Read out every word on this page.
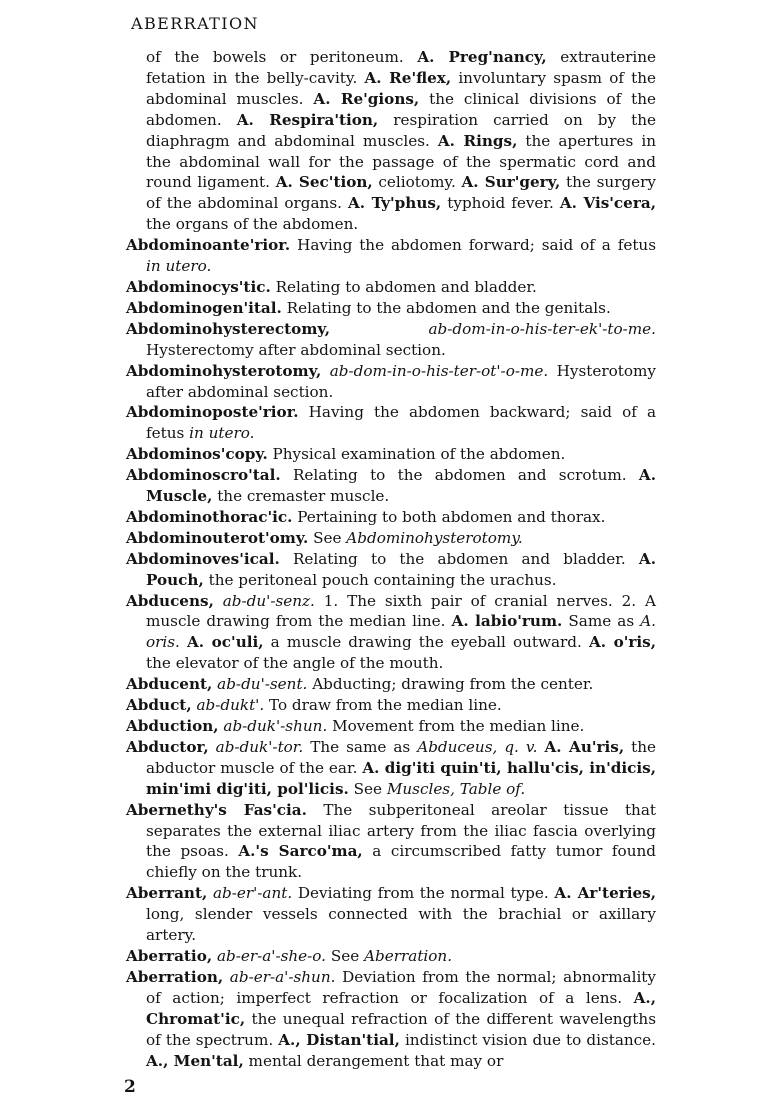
ABERRATION

of the bowels or peritoneum. A. Preg'nancy, extrauterine fetation in the belly-cavity. A. Re'flex, involuntary spasm of the abdominal muscles. A. Re'gions, the clinical divisions of the abdomen. A. Respira'tion, respiration carried on by the diaphragm and abdominal muscles. A. Rings, the apertures in the abdominal wall for the passage of the spermatic cord and round ligament. A. Sec'tion, celiotomy. A. Sur'gery, the surgery of the abdominal organs. A. Ty'phus, typhoid fever. A. Vis'cera, the organs of the abdomen.

Abdominoante'rior. Having the abdomen forward; said of a fetus in utero.

Abdominocys'tic. Relating to abdomen and bladder.

Abdominogen'ital. Relating to the abdomen and the genitals.

Abdominohysterectomy, ab-dom-in-o-his-ter-ek'-to-me. Hysterectomy after abdominal section.

Abdominohysterotomy, ab-dom-in-o-his-ter-ot'-o-me. Hysterotomy after abdominal section.

Abdominoposte'rior. Having the abdomen backward; said of a fetus in utero.

Abdominos'copy. Physical examination of the abdomen.

Abdominoscro'tal. Relating to the abdomen and scrotum. A. Muscle, the cremaster muscle.

Abdominothorac'ic. Pertaining to both abdomen and thorax.

Abdominouterot'omy. See Abdominohysterotomy.

Abdominoves'ical. Relating to the abdomen and bladder. A. Pouch, the peritoneal pouch containing the urachus.

Abducens, ab-du'-senz. 1. The sixth pair of cranial nerves. 2. A muscle drawing from the median line. A. labio'rum. Same as A. oris. A. oc'uli, a muscle drawing the eyeball outward. A. o'ris, the elevator of the angle of the mouth.

Abducent, ab-du'-sent. Abducting; drawing from the center.

Abduct, ab-dukt'. To draw from the median line.

Abduction, ab-duk'-shun. Movement from the median line.

Abductor, ab-duk'-tor. The same as Abduceus, q. v. A. Au'ris, the abductor muscle of the ear. A. dig'iti quin'ti, hallu'cis, in'dicis, min'imi dig'iti, pol'licis. See Muscles, Table of.

Abernethy's Fas'cia. The subperitoneal areolar tissue that separates the external iliac artery from the iliac fascia overlying the psoas. A.'s Sarco'ma, a circumscribed fatty tumor found chiefly on the trunk.

Aberrant, ab-er'-ant. Deviating from the normal type. A. Ar'teries, long, slender vessels connected with the brachial or axillary artery.

Aberratio, ab-er-a'-she-o. See Aberration.

Aberration, ab-er-a'-shun. Deviation from the normal; abnormality of action; imperfect refraction or focalization of a lens. A., Chromat'ic, the unequal refraction of the different wavelengths of the spectrum. A., Distan'tial, indistinct vision due to distance. A., Men'tal, mental derangement that may or

2
